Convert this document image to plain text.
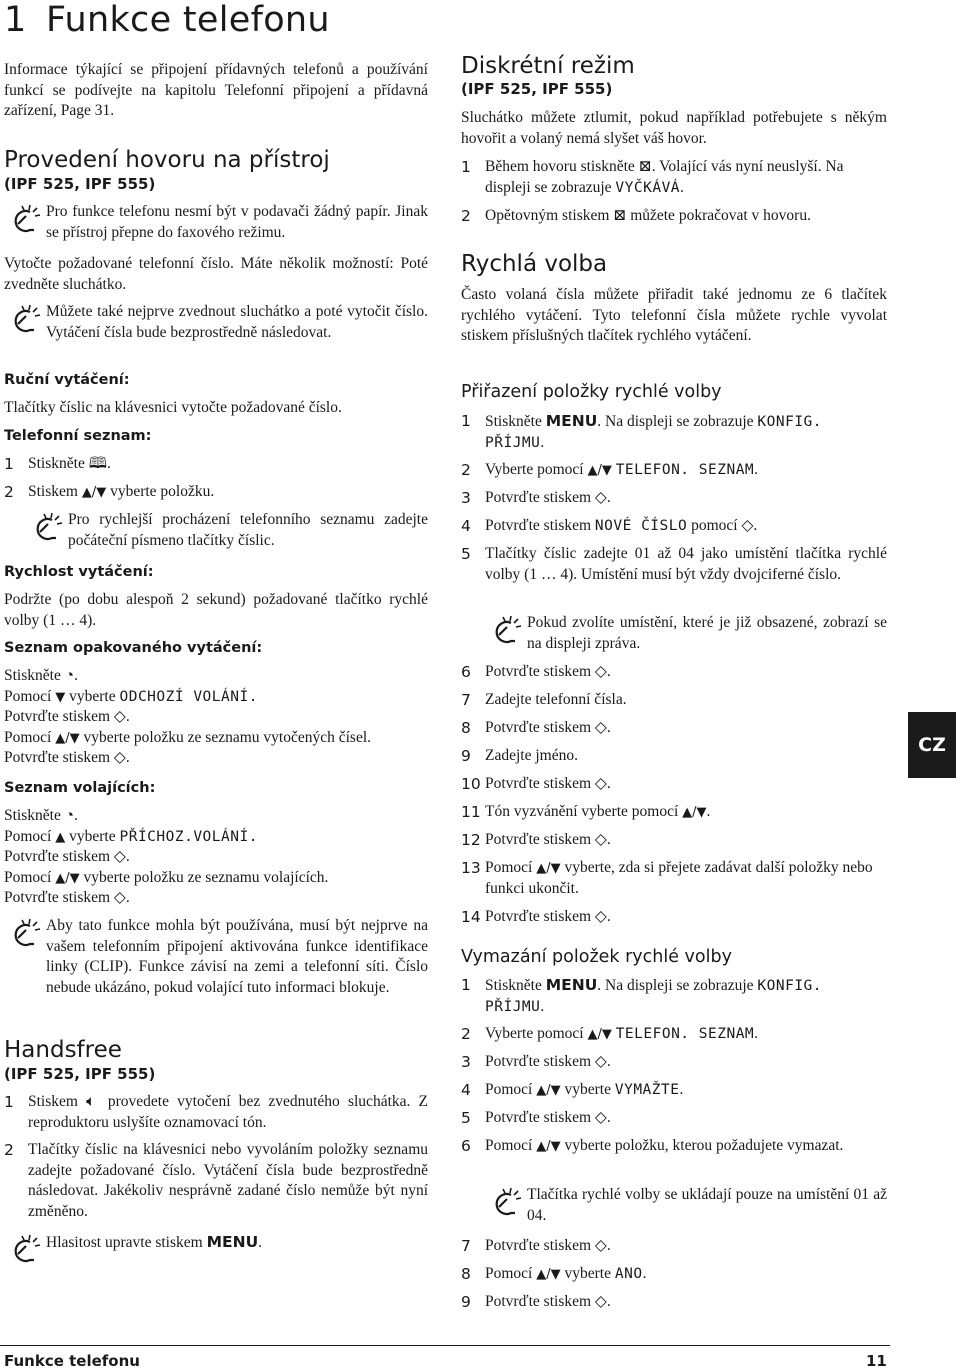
1 Funkce telefonu

Informace týkající se připojení přídavných telefonů a používání funkcí se podívejte na kapitolu Telefonní připojení a přídavná zařízení, Page 31.

Provedení hovoru na přístroj
(IPF 525, IPF 555)
Pro funkce telefonu nesmí být v podavači žádný papír. Jinak se přístroj přepne do faxového režimu.

Vytočte požadované telefonní číslo. Máte několik možností: Poté zvedněte sluchátko.

Můžete také nejprve zvednout sluchátko a poté vytočit číslo. Vytáčení čísla bude bezprostředně následovat.
Ruční vytáčení:

Tlačítky číslic na klávesnici vytočte požadované číslo.

Telefonní seznam:
1 Stiskněte 🕮.
2 Stiskem ▲/▼ vyberte položku.
Pro rychlejší procházení telefonního seznamu zadejte počáteční písmeno tlačítky číslic.
Rychlost vytáčení:

Podržte (po dobu alespoň 2 sekund) požadované tlačítko rychlé volby (1 … 4).

Seznam opakovaného vytáčení:
Stiskněte ◔.
Pomocí ▼ vyberte ODCHOZÍ VOLÁNÍ.
Potvrďte stiskem ◇.
Pomocí ▲/▼ vyberte položku ze seznamu vytočených čísel.
Potvrďte stiskem ◇.
Seznam volajících:
Stiskněte ◔.
Pomocí ▲ vyberte PŘÍCHOZ.VOLÁNÍ.
Potvrďte stiskem ◇.
Pomocí ▲/▼ vyberte položku ze seznamu volajících.
Potvrďte stiskem ◇.
Aby tato funkce mohla být používána, musí být nejprve na vašem telefonním připojení aktivována funkce identifikace linky (CLIP). Funkce závisí na zemi a telefonní síti. Číslo nebude ukázáno, pokud volající tuto informaci blokuje.
Handsfree
(IPF 525, IPF 555)
1 Stiskem 🔈︎ provedete vytočení bez zvednutého sluchátka. Z reproduktoru uslyšíte oznamovací tón.
2 Tlačítky číslic na klávesnici nebo vyvoláním položky seznamu zadejte požadované číslo. Vytáčení čísla bude bezprostředně následovat. Jakékoliv nesprávně zadané číslo nemůže být nyní změněno.
Hlasitost upravte stiskem MENU.
Diskrétní režim
(IPF 525, IPF 555)

Sluchátko můžete ztlumit, pokud například potřebujete s někým hovořit a volaný nemá slyšet váš hovor.

1 Během hovoru stiskněte ⊠. Volající vás nyní neuslyší. Na displeji se zobrazuje VYČKÁVÁ.
2 Opětovným stiskem ⊠ můžete pokračovat v hovoru.
Rychlá volba

Často volaná čísla můžete přiřadit také jednomu ze 6 tlačítek rychlého vytáčení. Tyto telefonní čísla můžete rychle vyvolat stiskem příslušných tlačítek rychlého vytáčení.

Přiřazení položky rychlé volby
1 Stiskněte MENU. Na displeji se zobrazuje KONFIG. PŘÍJMU.
2 Vyberte pomocí ▲/▼ TELEFON. SEZNAM.
3 Potvrďte stiskem ◇.
4 Potvrďte stiskem NOVÉ ČÍSLO pomocí ◇.
5 Tlačítky číslic zadejte 01 až 04 jako umístění tlačítka rychlé volby (1 … 4). Umístění musí být vždy dvojciferné číslo.
Pokud zvolíte umístění, které je již obsazené, zobrazí se na displeji zpráva.
6 Potvrďte stiskem ◇.
7 Zadejte telefonní čísla.
8 Potvrďte stiskem ◇.
9 Zadejte jméno.
10 Potvrďte stiskem ◇.
11 Tón vyzvánění vyberte pomocí ▲/▼.
12 Potvrďte stiskem ◇.
13 Pomocí ▲/▼ vyberte, zda si přejete zadávat další položky nebo funkci ukončit.
14 Potvrďte stiskem ◇.
Vymazání položek rychlé volby
1 Stiskněte MENU. Na displeji se zobrazuje KONFIG. PŘÍJMU.
2 Vyberte pomocí ▲/▼ TELEFON. SEZNAM.
3 Potvrďte stiskem ◇.
4 Pomocí ▲/▼ vyberte VYMAŽTE.
5 Potvrďte stiskem ◇.
6 Pomocí ▲/▼ vyberte položku, kterou požadujete vymazat.
Tlačítka rychlé volby se ukládají pouze na umístění 01 až 04.
7 Potvrďte stiskem ◇.
8 Pomocí ▲/▼ vyberte ANO.
9 Potvrďte stiskem ◇.
CZ
Funkce telefonu	11
